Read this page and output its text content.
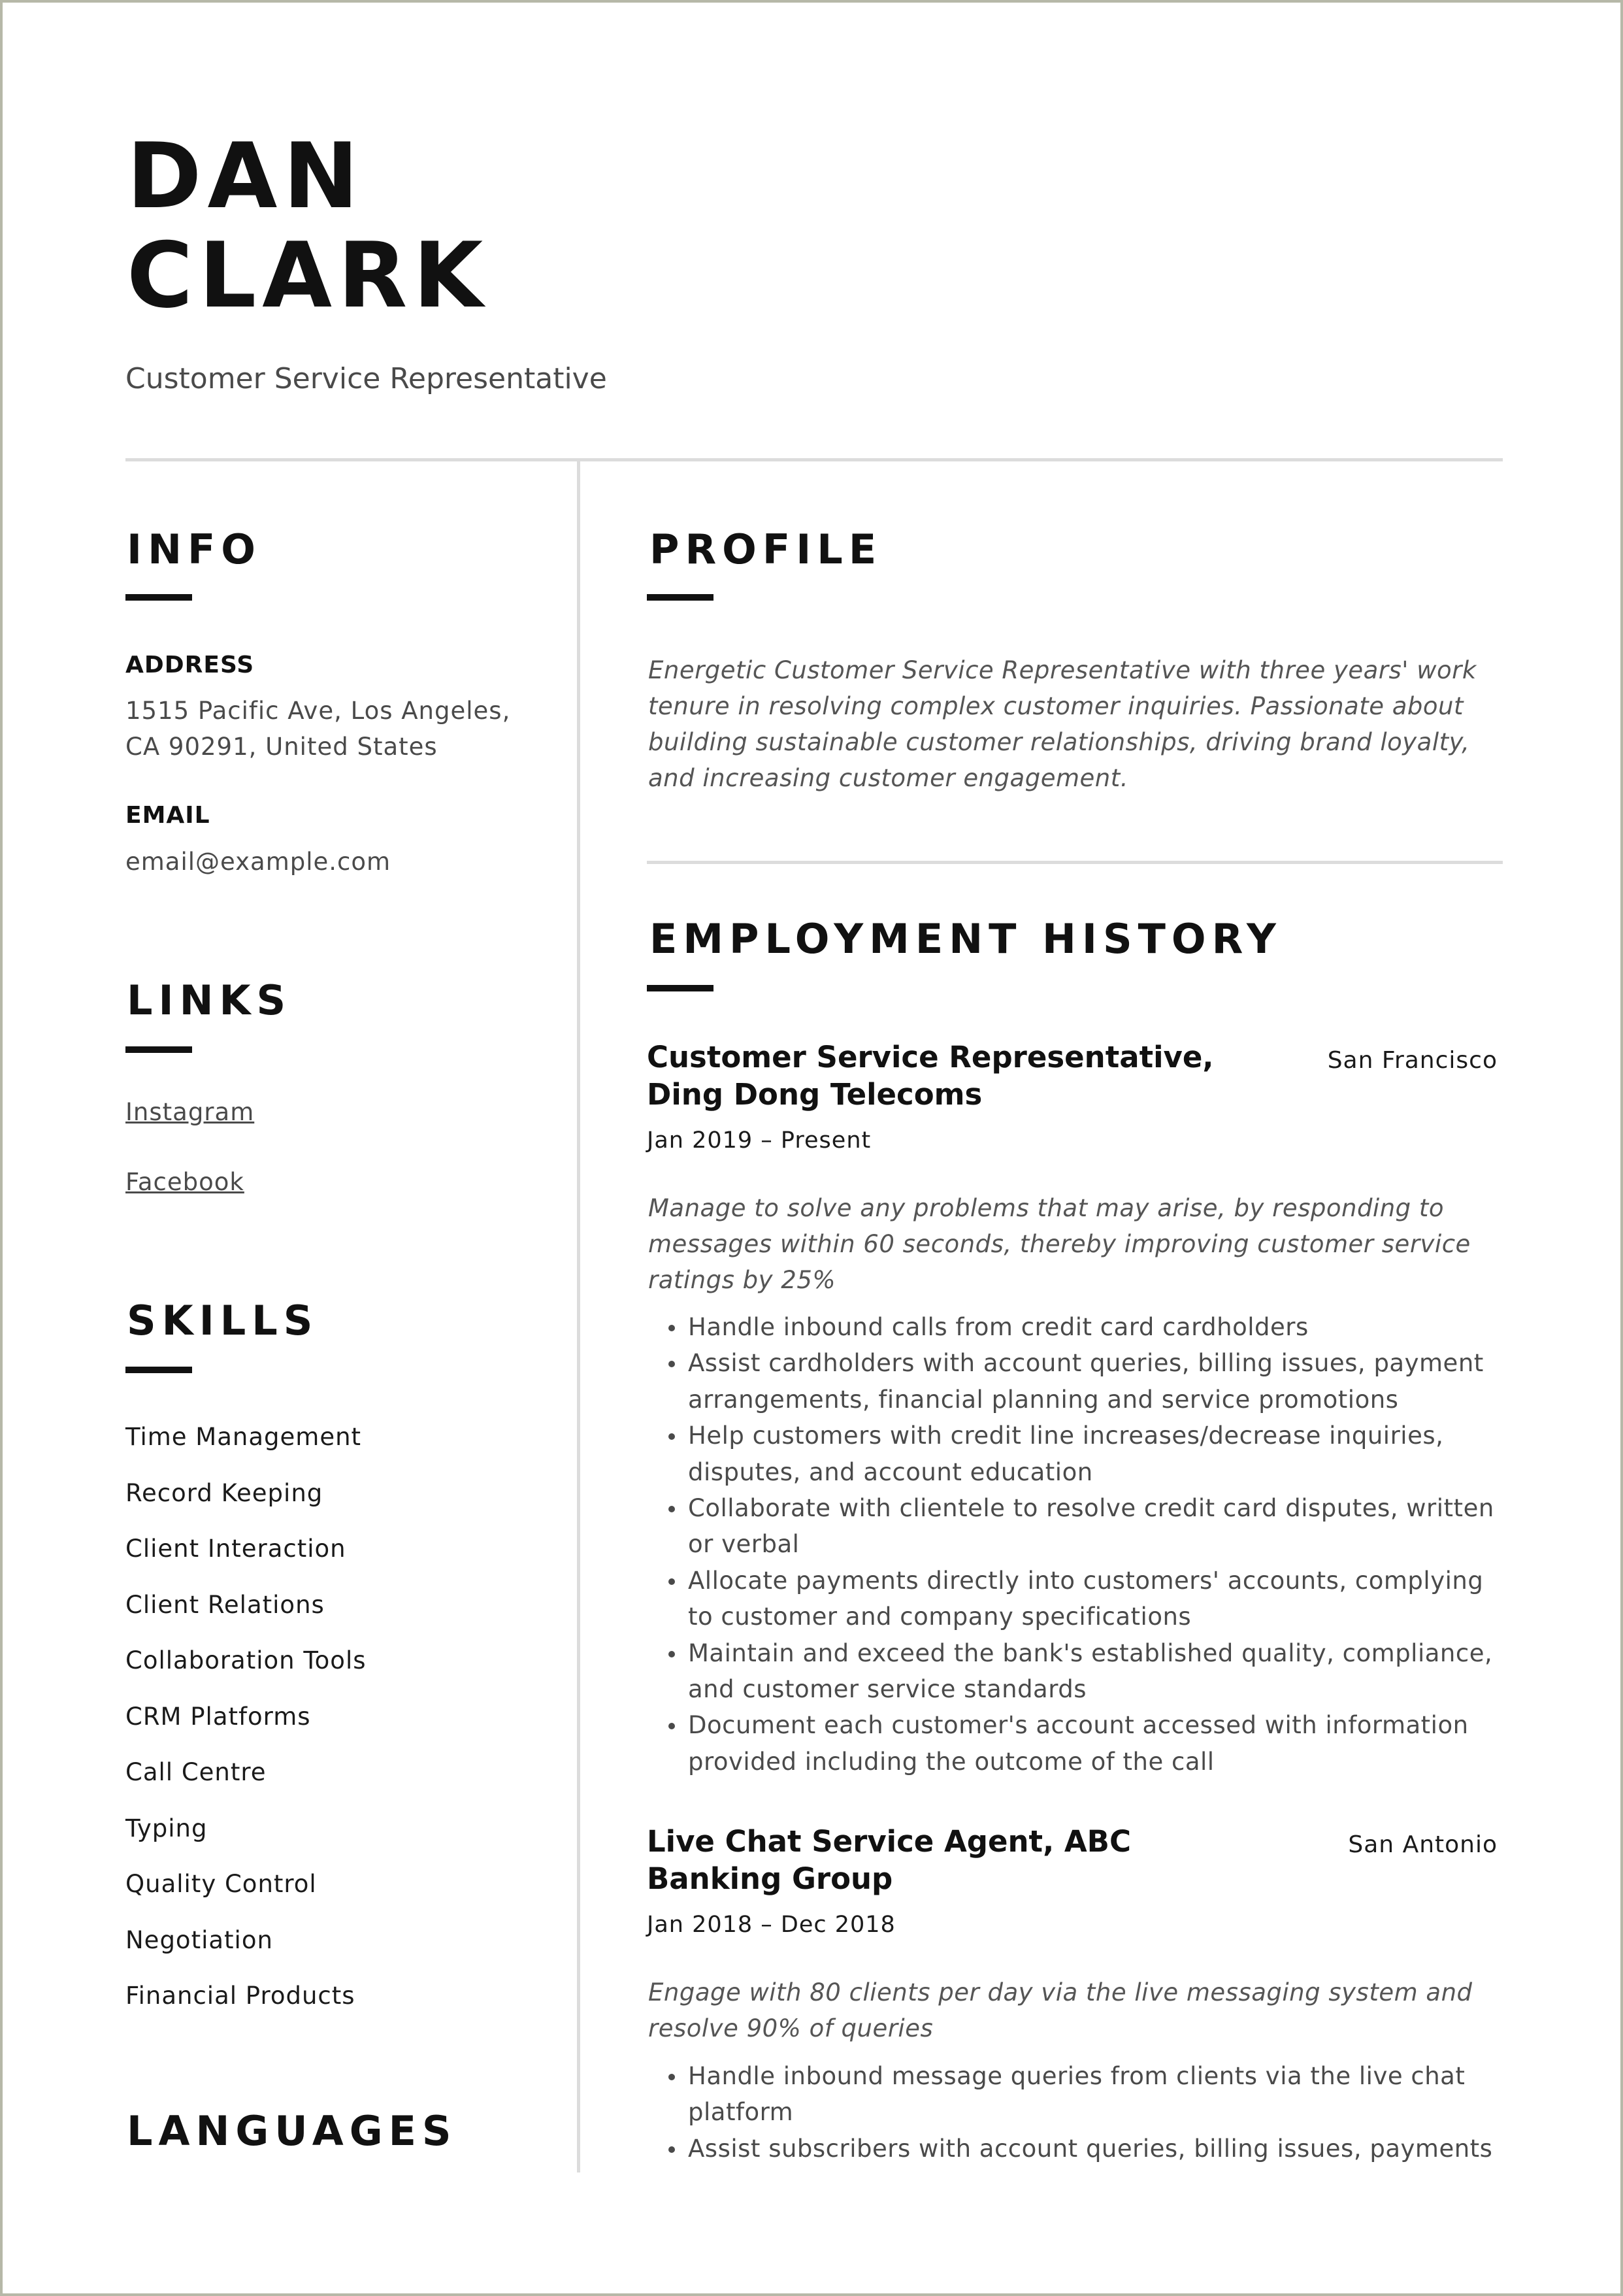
DAN
CLARK
Customer Service Representative
INFO
ADDRESS
1515 Pacific Ave, Los Angeles,
CA 90291, United States
EMAIL
email@example.com
LINKS
Instagram
Facebook
SKILLS
Time Management
Record Keeping
Client Interaction
Client Relations
Collaboration Tools
CRM Platforms
Call Centre
Typing
Quality Control
Negotiation
Financial Products
LANGUAGES
PROFILE

Energetic Customer Service Representative with three years' work tenure in resolving complex customer inquiries. Passionate about building sustainable customer relationships, driving brand loyalty, and increasing customer engagement.

EMPLOYMENT HISTORY
Customer Service Representative, Ding Dong Telecoms
San Francisco
Jan 2019 – Present

Manage to solve any problems that may arise, by responding to messages within 60 seconds, thereby improving customer service ratings by 25%

Handle inbound calls from credit card cardholders
Assist cardholders with account queries, billing issues, payment arrangements, financial planning and service promotions
Help customers with credit line increases/decrease inquiries, disputes, and account education
Collaborate with clientele to resolve credit card disputes, written or verbal
Allocate payments directly into customers' accounts, complying to customer and company specifications
Maintain and exceed the bank's established quality, compliance, and customer service standards
Document each customer's account accessed with information provided including the outcome of the call
Live Chat Service Agent, ABC Banking Group
San Antonio
Jan 2018 – Dec 2018

Engage with 80 clients per day via the live messaging system and resolve 90% of queries

Handle inbound message queries from clients via the live chat platform
Assist subscribers with account queries, billing issues, payments
